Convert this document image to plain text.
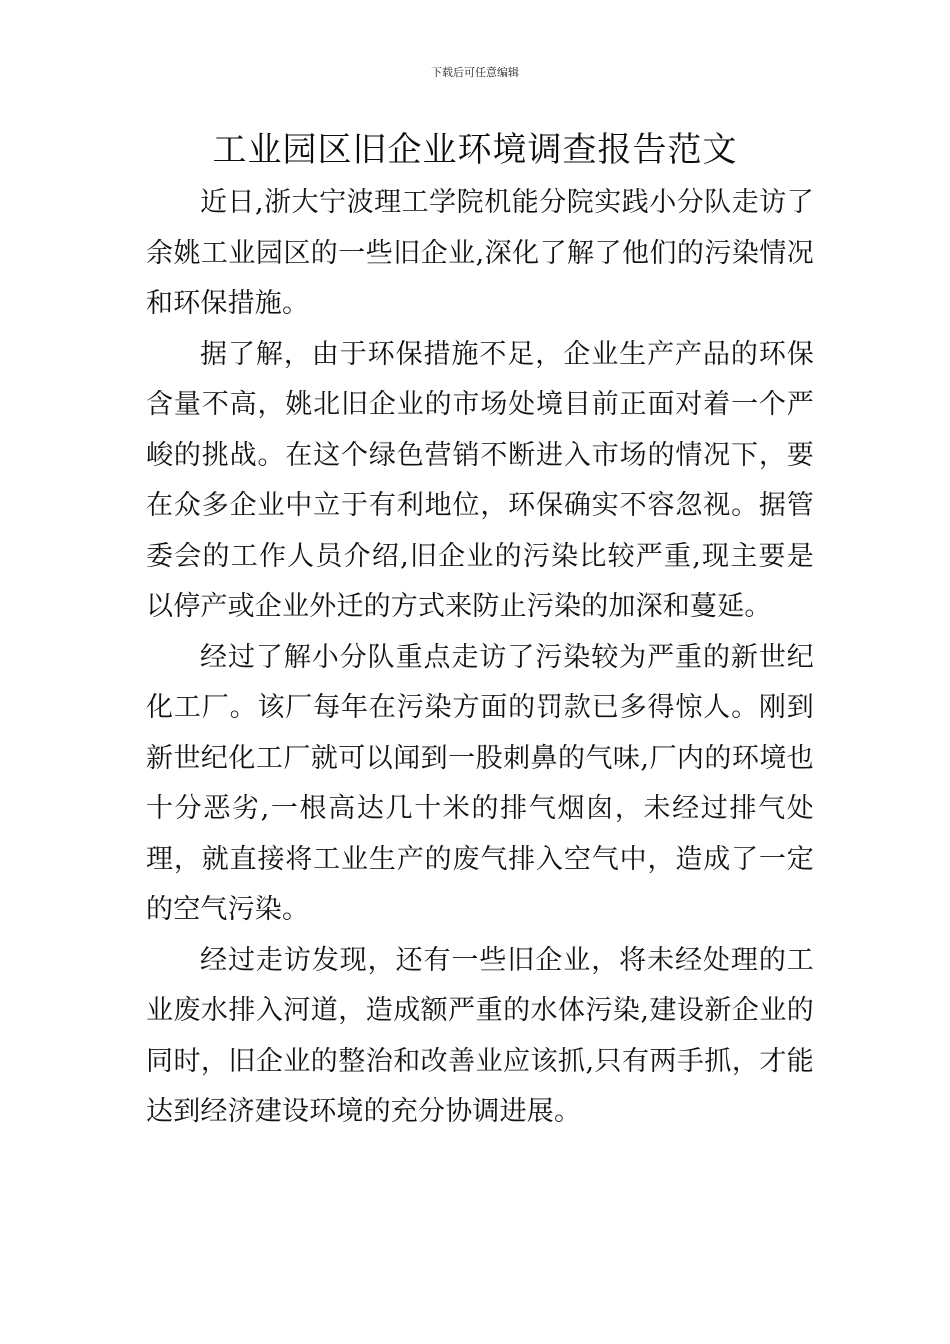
下载后可任意编辑
工业园区旧企业环境调查报告范文

近日,浙大宁波理工学院机能分院实践小分队走访了余姚工业园区的一些旧企业,深化了解了他们的污染情况和环保措施。

据了解，由于环保措施不足，企业生产产品的环保含量不高，姚北旧企业的市场处境目前正面对着一个严峻的挑战。在这个绿色营销不断进入市场的情况下，要在众多企业中立于有利地位，环保确实不容忽视。据管委会的工作人员介绍,旧企业的污染比较严重,现主要是以停产或企业外迁的方式来防止污染的加深和蔓延。

经过了解小分队重点走访了污染较为严重的新世纪化工厂。该厂每年在污染方面的罚款已多得惊人。刚到新世纪化工厂就可以闻到一股刺鼻的气味,厂内的环境也十分恶劣,一根高达几十米的排气烟囱，未经过排气处理，就直接将工业生产的废气排入空气中，造成了一定的空气污染。

经过走访发现，还有一些旧企业，将未经处理的工业废水排入河道，造成额严重的水体污染,建设新企业的同时，旧企业的整治和改善业应该抓,只有两手抓，才能达到经济建设环境的充分协调进展。
